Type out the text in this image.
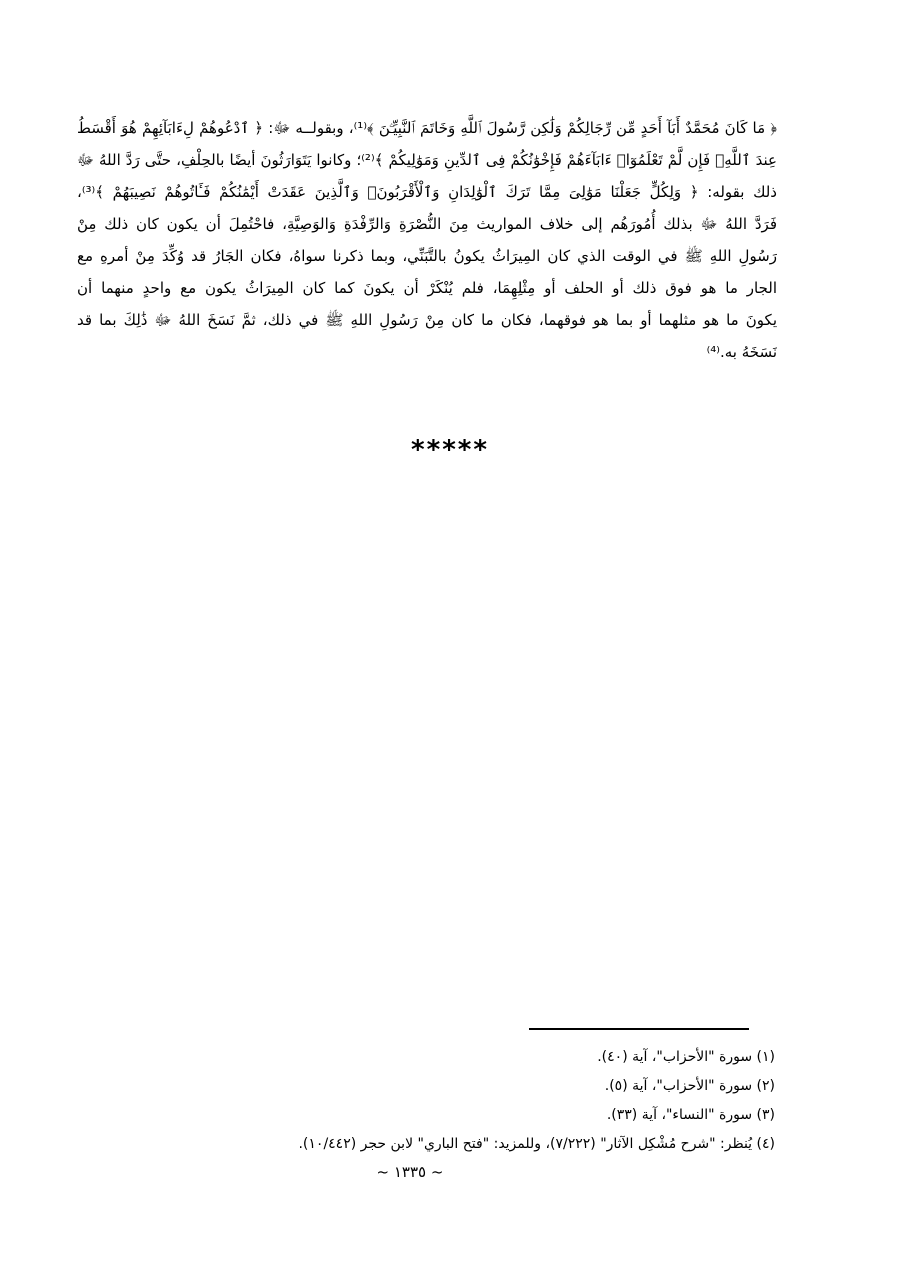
﴿ مَا كَانَ مُحَمَّدٌ أَبَآ أَحَدٍ مِّن رِّجَالِكُمْ وَلَٰكِن رَّسُولَ ٱللَّهِ وَخَاتَمَ ٱلنَّبِيِّـۧنَ ﴾⁽¹⁾، وبقولــه ﷻ: ﴿ ٱدْعُوهُمْ لِءَابَآئِهِمْ هُوَ أَقْسَطُ
عِندَ ٱللَّهِۚ فَإِن لَّمْ تَعْلَمُوٓا۟ ءَابَآءَهُمْ فَإِخْوَٰنُكُمْ فِى ٱلدِّينِ وَمَوَٰلِيكُمْ ﴾⁽²⁾؛ وكانوا يَتَوَارَثُونَ أيضًا بالحِلْفِ، حتَّى رَدَّ اللهُ ﷻ
ذلك بقوله: ﴿ وَلِكُلٍّ جَعَلْنَا مَوَٰلِىَ مِمَّا تَرَكَ ٱلْوَٰلِدَانِ وَٱلْأَقْرَبُونَۚ وَٱلَّذِينَ عَقَدَتْ أَيْمَٰنُكُمْ فَـَٔاتُوهُمْ نَصِيبَهُمْ ﴾⁽³⁾،
فَرَدَّ اللهُ ﷻ بذلك أُمُورَهُم إلى خلاف المواريث مِنَ النُّصْرَةِ وَالرِّفْدَةِ وَالوَصِيَّةِ، فاحْتُمِلَ أن يكون كان ذلك مِنْ
رَسُولِ اللهِ ﷺ في الوقت الذي كان المِيرَاثُ يكونُ بالتَّبَنِّي، وبما ذكرنا سواهُ، فكان الجَارُ قد وُكِّدَ مِنْ أمرهِ مع
الجار ما هو فوق ذلك أو الحلف أو مِثْلِهِمَا، فلم يُنْكَرْ أن يكونَ كما كان المِيرَاثُ يكون مع واحدٍ منهما أن
يكونَ ما هو مثلهما أو بما هو فوقهما، فكان ما كان مِنْ رَسُولِ اللهِ ﷺ في ذلك، ثمَّ نَسَخَ اللهُ ﷻ ذَٰلِكَ بما قد
نَسَخَهُ به.⁽⁴⁾
*****
(١) سورة "الأحزاب"، آية (٤٠).
(٢) سورة "الأحزاب"، آية (٥).
(٣) سورة "النساء"، آية (٣٣).
(٤) يُنظر: "شرح مُشْكِل الآثار" (٧/٢٢٢)، وللمزيد: "فتح الباري" لابن حجر (١٠/٤٤٢).
~ ١٣٣٥ ~
